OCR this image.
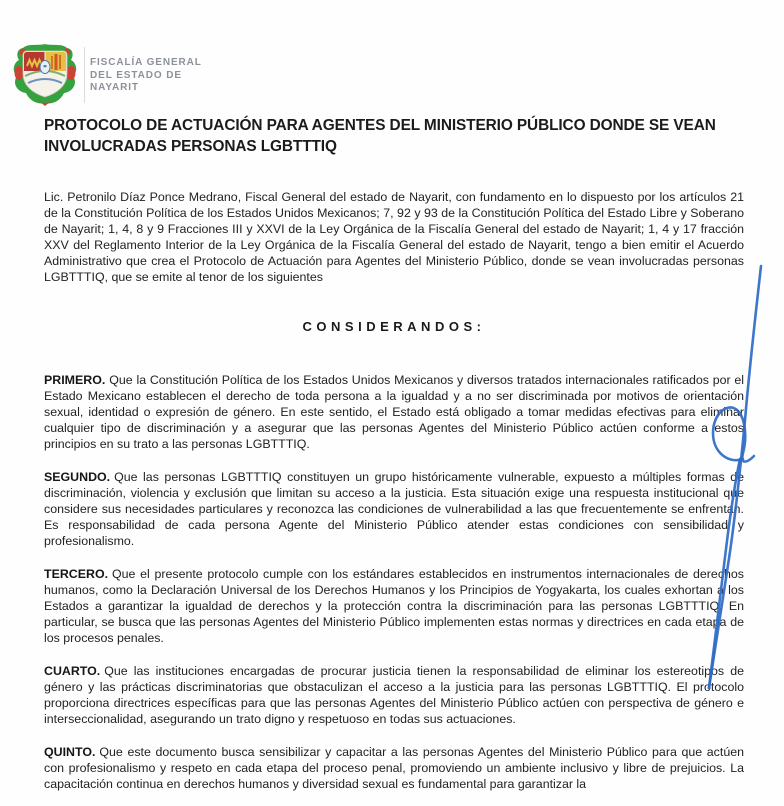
FISCALÍA GENERAL
DEL ESTADO DE
NAYARIT
PROTOCOLO DE ACTUACIÓN PARA AGENTES DEL MINISTERIO PÚBLICO DONDE SE VEAN INVOLUCRADAS PERSONAS LGBTTTIQ

Lic. Petronilo Díaz Ponce Medrano, Fiscal General del estado de Nayarit, con fundamento en lo dispuesto por los artículos 21 de la Constitución Política de los Estados Unidos Mexicanos; 7, 92 y 93 de la Constitución Política del Estado Libre y Soberano de Nayarit; 1, 4, 8 y 9 Fracciones III y XXVI de la Ley Orgánica de la Fiscalía General del estado de Nayarit; 1, 4 y 17 fracción XXV del Reglamento Interior de la Ley Orgánica de la Fiscalía General del estado de Nayarit, tengo a bien emitir el Acuerdo Administrativo que crea el Protocolo de Actuación para Agentes del Ministerio Público, donde se vean involucradas personas LGBTTTIQ, que se emite al tenor de los siguientes

CONSIDERANDOS:

PRIMERO. Que la Constitución Política de los Estados Unidos Mexicanos y diversos tratados internacionales ratificados por el Estado Mexicano establecen el derecho de toda persona a la igualdad y a no ser discriminada por motivos de orientación sexual, identidad o expresión de género. En este sentido, el Estado está obligado a tomar medidas efectivas para eliminar cualquier tipo de discriminación y a asegurar que las personas Agentes del Ministerio Público actúen conforme a estos principios en su trato a las personas LGBTTTIQ.

SEGUNDO. Que las personas LGBTTTIQ constituyen un grupo históricamente vulnerable, expuesto a múltiples formas de discriminación, violencia y exclusión que limitan su acceso a la justicia. Esta situación exige una respuesta institucional que considere sus necesidades particulares y reconozca las condiciones de vulnerabilidad a las que frecuentemente se enfrentan. Es responsabilidad de cada persona Agente del Ministerio Público atender estas condiciones con sensibilidad y profesionalismo.

TERCERO. Que el presente protocolo cumple con los estándares establecidos en instrumentos internacionales de derechos humanos, como la Declaración Universal de los Derechos Humanos y los Principios de Yogyakarta, los cuales exhortan a los Estados a garantizar la igualdad de derechos y la protección contra la discriminación para las personas LGBTTTIQ. En particular, se busca que las personas Agentes del Ministerio Público implementen estas normas y directrices en cada etapa de los procesos penales.

CUARTO. Que las instituciones encargadas de procurar justicia tienen la responsabilidad de eliminar los estereotipos de género y las prácticas discriminatorias que obstaculizan el acceso a la justicia para las personas LGBTTTIQ. El protocolo proporciona directrices específicas para que las personas Agentes del Ministerio Público actúen con perspectiva de género e interseccionalidad, asegurando un trato digno y respetuoso en todas sus actuaciones.

QUINTO. Que este documento busca sensibilizar y capacitar a las personas Agentes del Ministerio Público para que actúen con profesionalismo y respeto en cada etapa del proceso penal, promoviendo un ambiente inclusivo y libre de prejuicios. La capacitación continua en derechos humanos y diversidad sexual es fundamental para garantizar la
